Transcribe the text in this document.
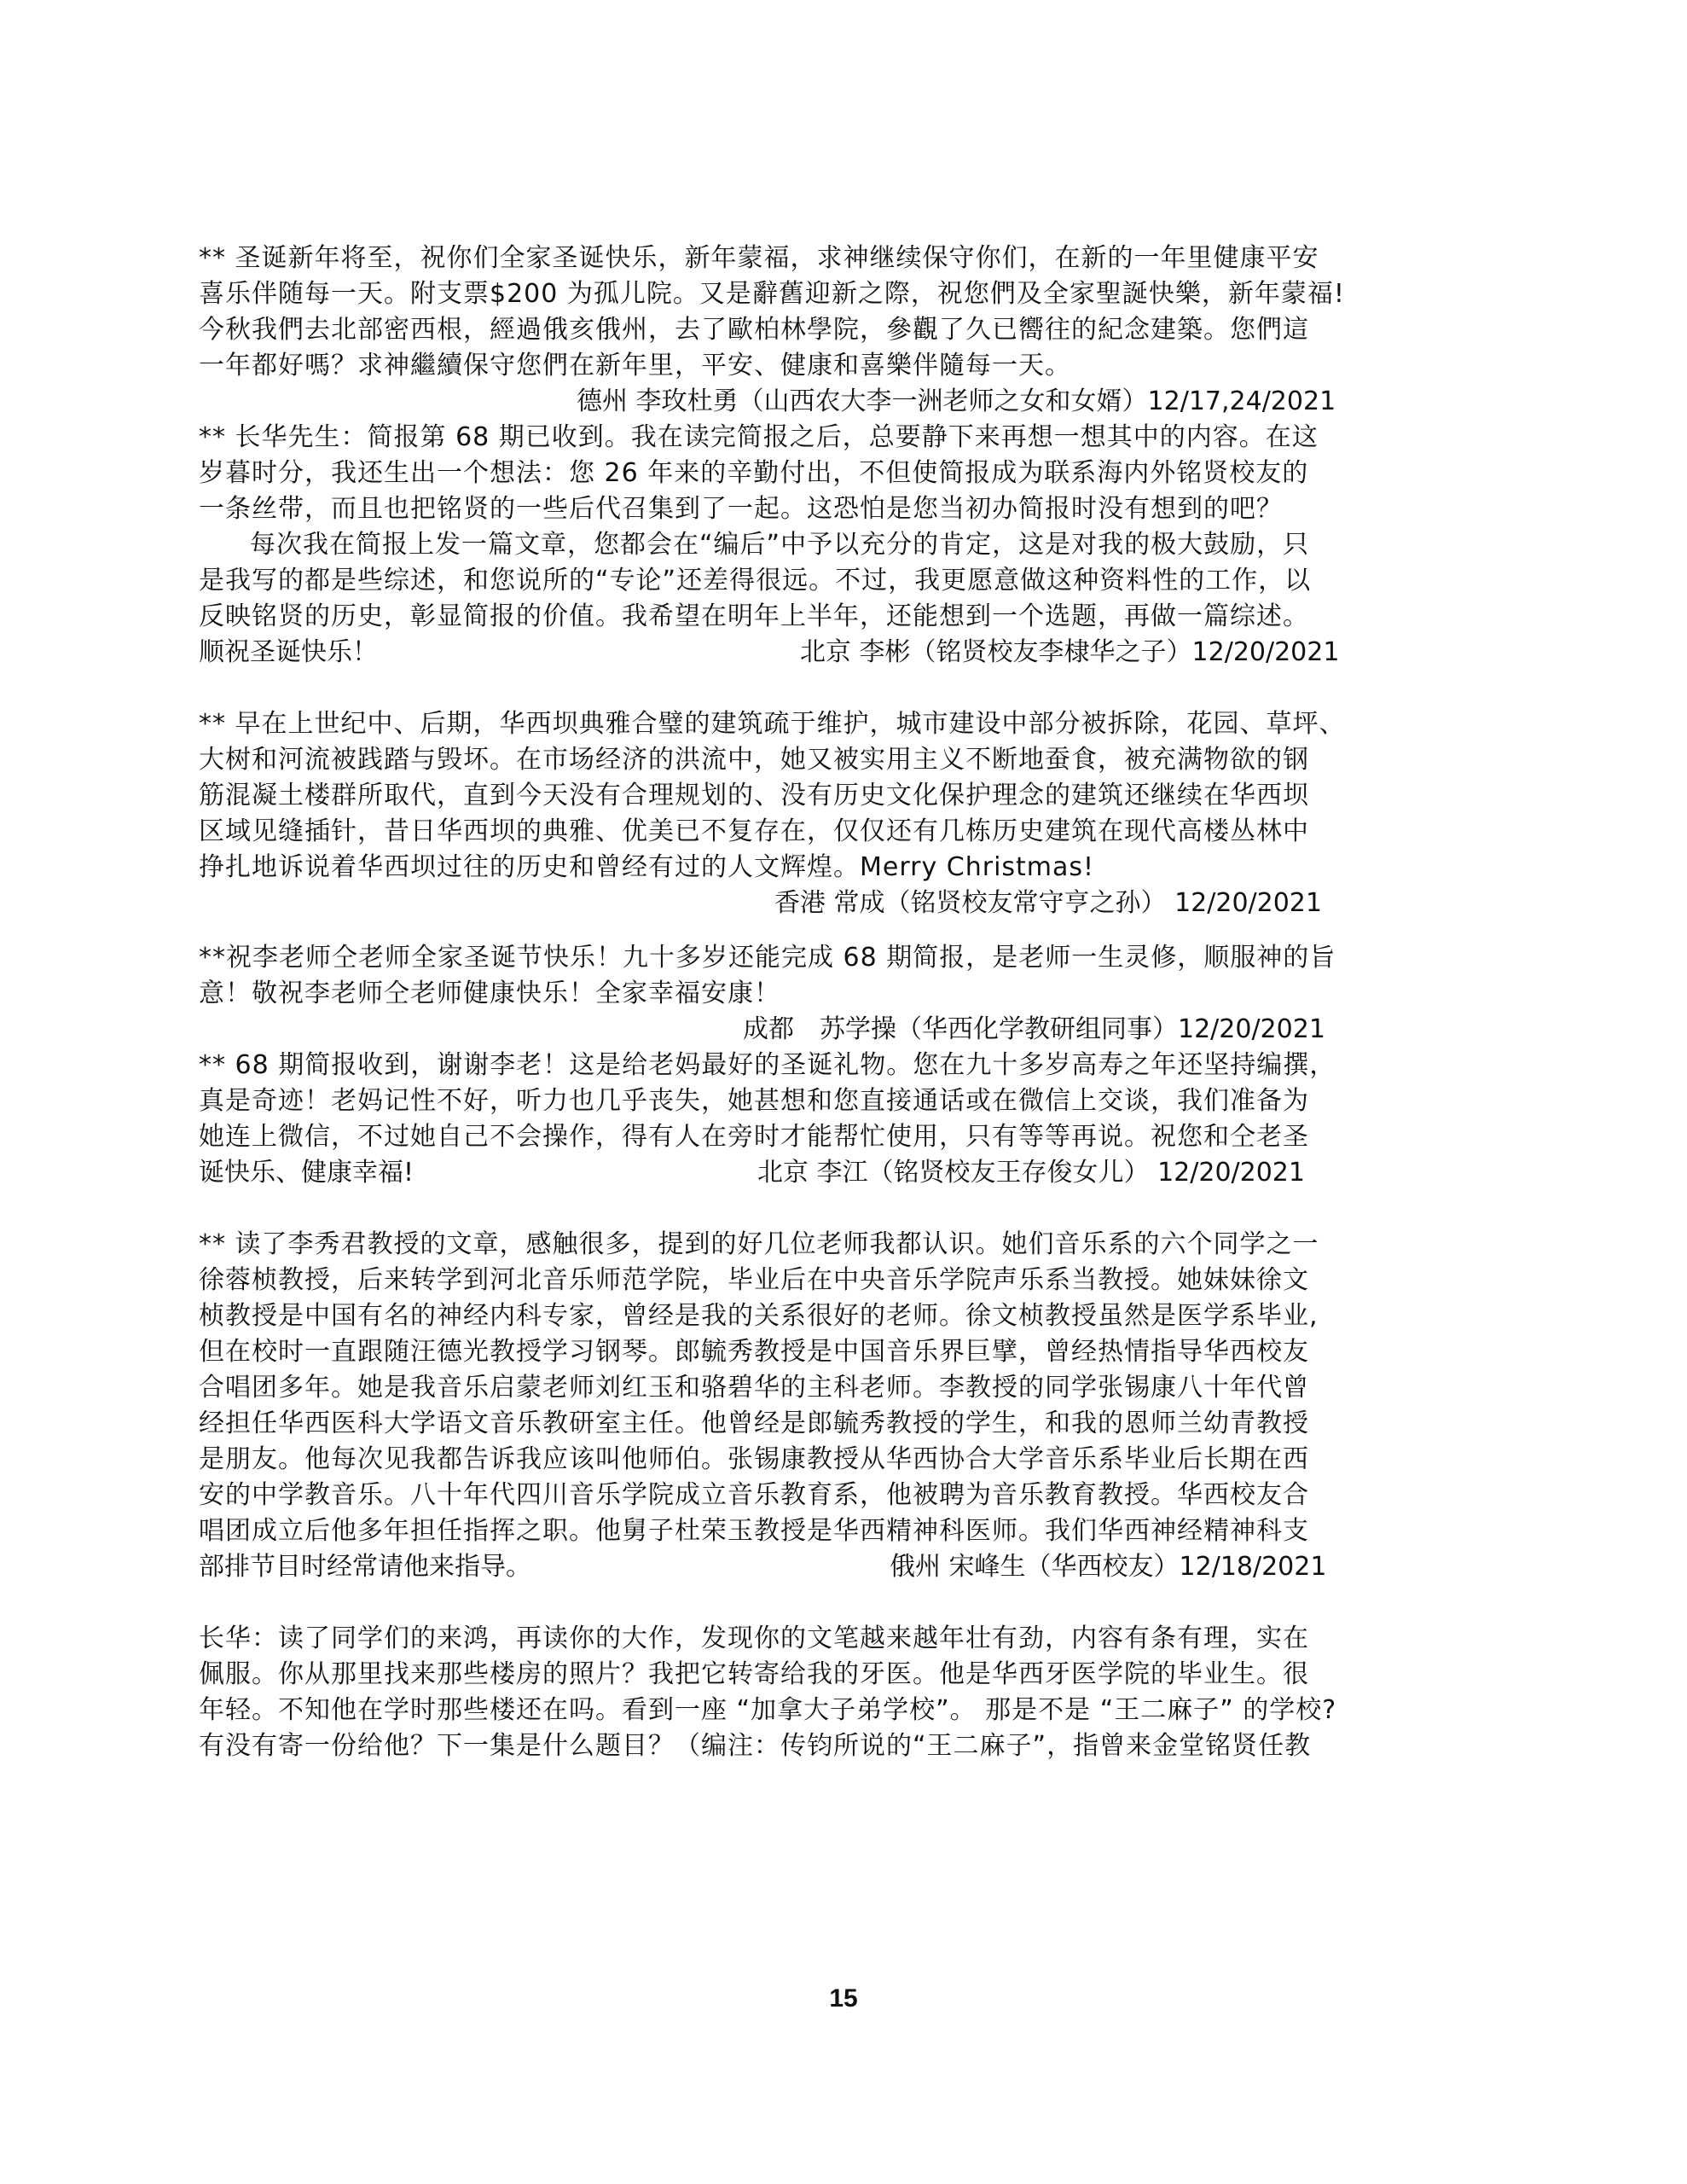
** 圣诞新年将至，祝你们全家圣诞快乐，新年蒙福，求神继续保守你们，在新的一年里健康平安
喜乐伴随每一天。附支票$200 为孤儿院。又是辭舊迎新之際，祝您們及全家聖誕快樂，新年蒙福!
今秋我們去北部密西根，經過俄亥俄州，去了歐柏林學院，參觀了久已嚮往的紀念建築。您們這
一年都好嗎？求神繼續保守您們在新年里，平安、健康和喜樂伴隨每一天。
德州 李玫杜勇（山西农大李一洲老师之女和女婿）12/17,24/2021
** 长华先生：简报第 68 期已收到。我在读完简报之后，总要静下来再想一想其中的内容。在这
岁暮时分，我还生出一个想法：您 26 年来的辛勤付出，不但使简报成为联系海内外铭贤校友的
一条丝带，而且也把铭贤的一些后代召集到了一起。这恐怕是您当初办简报时没有想到的吧？
每次我在简报上发一篇文章，您都会在“编后”中予以充分的肯定，这是对我的极大鼓励，只
是我写的都是些综述，和您说所的“专论”还差得很远。不过，我更愿意做这种资料性的工作，以
反映铭贤的历史，彰显简报的价值。我希望在明年上半年，还能想到一个选题，再做一篇综述。
顺祝圣诞快乐！	北京 李彬（铭贤校友李棣华之子）12/20/2021
** 早在上世纪中、后期，华西坝典雅合璧的建筑疏于维护，城市建设中部分被拆除，花园、草坪、
大树和河流被践踏与毁坏。在市场经济的洪流中，她又被实用主义不断地蚕食，被充满物欲的钢
筋混凝土楼群所取代，直到今天没有合理规划的、没有历史文化保护理念的建筑还继续在华西坝
区域见缝插针，昔日华西坝的典雅、优美已不复存在，仅仅还有几栋历史建筑在现代高楼丛林中
挣扎地诉说着华西坝过往的历史和曾经有过的人文辉煌。Merry Christmas!
香港 常成（铭贤校友常守亨之孙） 12/20/2021
**祝李老师仝老师全家圣诞节快乐！九十多岁还能完成 68 期简报，是老师一生灵修，顺服神的旨
意！敬祝李老师仝老师健康快乐！全家幸福安康！
成都　苏学操（华西化学教研组同事）12/20/2021
** 68 期简报收到，谢谢李老！这是给老妈最好的圣诞礼物。您在九十多岁高寿之年还坚持编撰，
真是奇迹！老妈记性不好，听力也几乎丧失，她甚想和您直接通话或在微信上交谈，我们准备为
她连上微信，不过她自己不会操作，得有人在旁时才能帮忙使用，只有等等再说。祝您和仝老圣
诞快乐、健康幸福!	北京 李江（铭贤校友王存俊女儿） 12/20/2021
** 读了李秀君教授的文章，感触很多，提到的好几位老师我都认识。她们音乐系的六个同学之一
徐蓉桢教授，后来转学到河北音乐师范学院，毕业后在中央音乐学院声乐系当教授。她妹妹徐文
桢教授是中国有名的神经内科专家，曾经是我的关系很好的老师。徐文桢教授虽然是医学系毕业,
但在校时一直跟随汪德光教授学习钢琴。郎毓秀教授是中国音乐界巨擘，曾经热情指导华西校友
合唱团多年。她是我音乐启蒙老师刘红玉和骆碧华的主科老师。李教授的同学张锡康八十年代曾
经担任华西医科大学语文音乐教研室主任。他曾经是郎毓秀教授的学生，和我的恩师兰幼青教授
是朋友。他每次见我都告诉我应该叫他师伯。张锡康教授从华西协合大学音乐系毕业后长期在西
安的中学教音乐。八十年代四川音乐学院成立音乐教育系，他被聘为音乐教育教授。华西校友合
唱团成立后他多年担任指挥之职。他舅子杜荣玉教授是华西精神科医师。我们华西神经精神科支
部排节目时经常请他来指导。	俄州 宋峰生（华西校友）12/18/2021
长华：读了同学们的来鸿，再读你的大作，发现你的文笔越来越年壮有劲，内容有条有理，实在
佩服。你从那里找来那些楼房的照片？我把它转寄给我的牙医。他是华西牙医学院的毕业生。很
年轻。不知他在学时那些楼还在吗。看到一座 “加拿大子弟学校”。 那是不是 “王二麻子” 的学校?
有没有寄一份给他？下一集是什么题目？（编注：传钧所说的“王二麻子”，指曾来金堂铭贤任教
15
